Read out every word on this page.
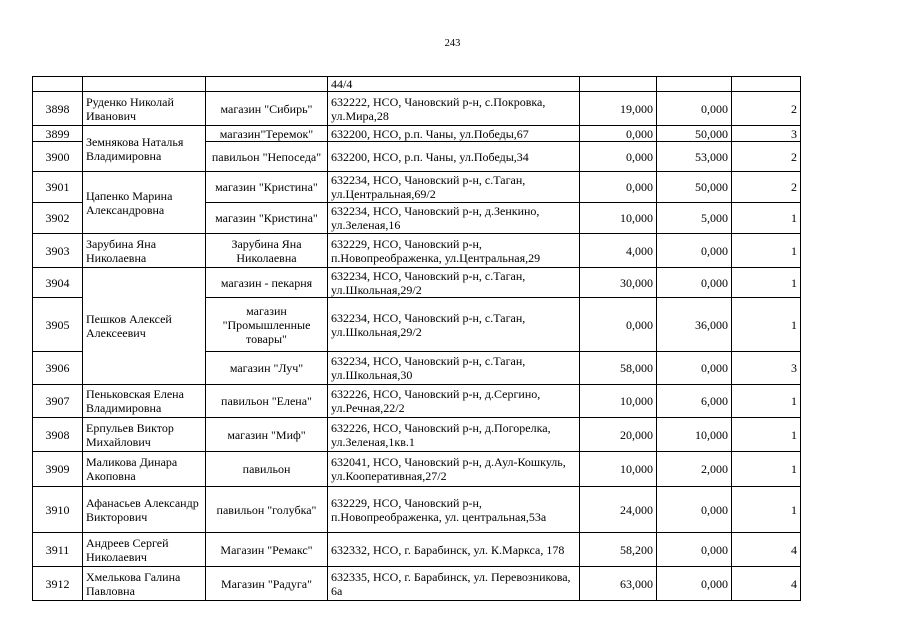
243
			44/4			
3898	Руденко Николай Иванович	магазин "Сибирь"	632222, НСО, Чановский р-н, с.Покровка, ул.Мира,28	19,000	0,000	2
3899	Земнякова Наталья Владимировна	магазин"Теремок"	632200, НСО, р.п. Чаны, ул.Победы,67	0,000	50,000	3
3900		павильон "Непоседа"	632200, НСО, р.п. Чаны, ул.Победы,34	0,000	53,000	2
3901	Цапенко Марина Александровна	магазин "Кристина"	632234, НСО, Чановский р-н, с.Таган, ул.Центральная,69/2	0,000	50,000	2
3902		магазин "Кристина"	632234, НСО, Чановский р-н, д.Зенкино, ул.Зеленая,16	10,000	5,000	1
3903	Зарубина Яна Николаевна	Зарубина Яна Николаевна	632229, НСО, Чановский р-н, п.Новопреображенка, ул.Центральная,29	4,000	0,000	1
3904	Пешков Алексей Алексеевич	магазин - пекарня	632234, НСО, Чановский р-н, с.Таган, ул.Школьная,29/2	30,000	0,000	1
3905		магазин "Промышленные товары"	632234, НСО, Чановский р-н, с.Таган, ул.Школьная,29/2	0,000	36,000	1
3906		магазин "Луч"	632234, НСО, Чановский р-н, с.Таган, ул.Школьная,30	58,000	0,000	3
3907	Пеньковская Елена Владимировна	павильон "Елена"	632226, НСО, Чановский р-н, д.Сергино, ул.Речная,22/2	10,000	6,000	1
3908	Ерпульев Виктор Михайлович	магазин "Миф"	632226, НСО, Чановский р-н, д.Погорелка, ул.Зеленая,1кв.1	20,000	10,000	1
3909	Маликова Динара Акоповна	павильон	632041, НСО, Чановский р-н, д.Аул-Кошкуль, ул.Кооперативная,27/2	10,000	2,000	1
3910	Афанасьев Александр Викторович	павильон "голубка"	632229, НСО, Чановский р-н, п.Новопреображенка, ул. центральная,53а	24,000	0,000	1
3911	Андреев Сергей Николаевич	Магазин "Ремакс"	632332, НСО, г. Барабинск, ул. К.Маркса, 178	58,200	0,000	4
3912	Хмелькова Галина Павловна	Магазин "Радуга"	632335, НСО, г. Барабинск, ул. Перевозникова, 6а	63,000	0,000	4
